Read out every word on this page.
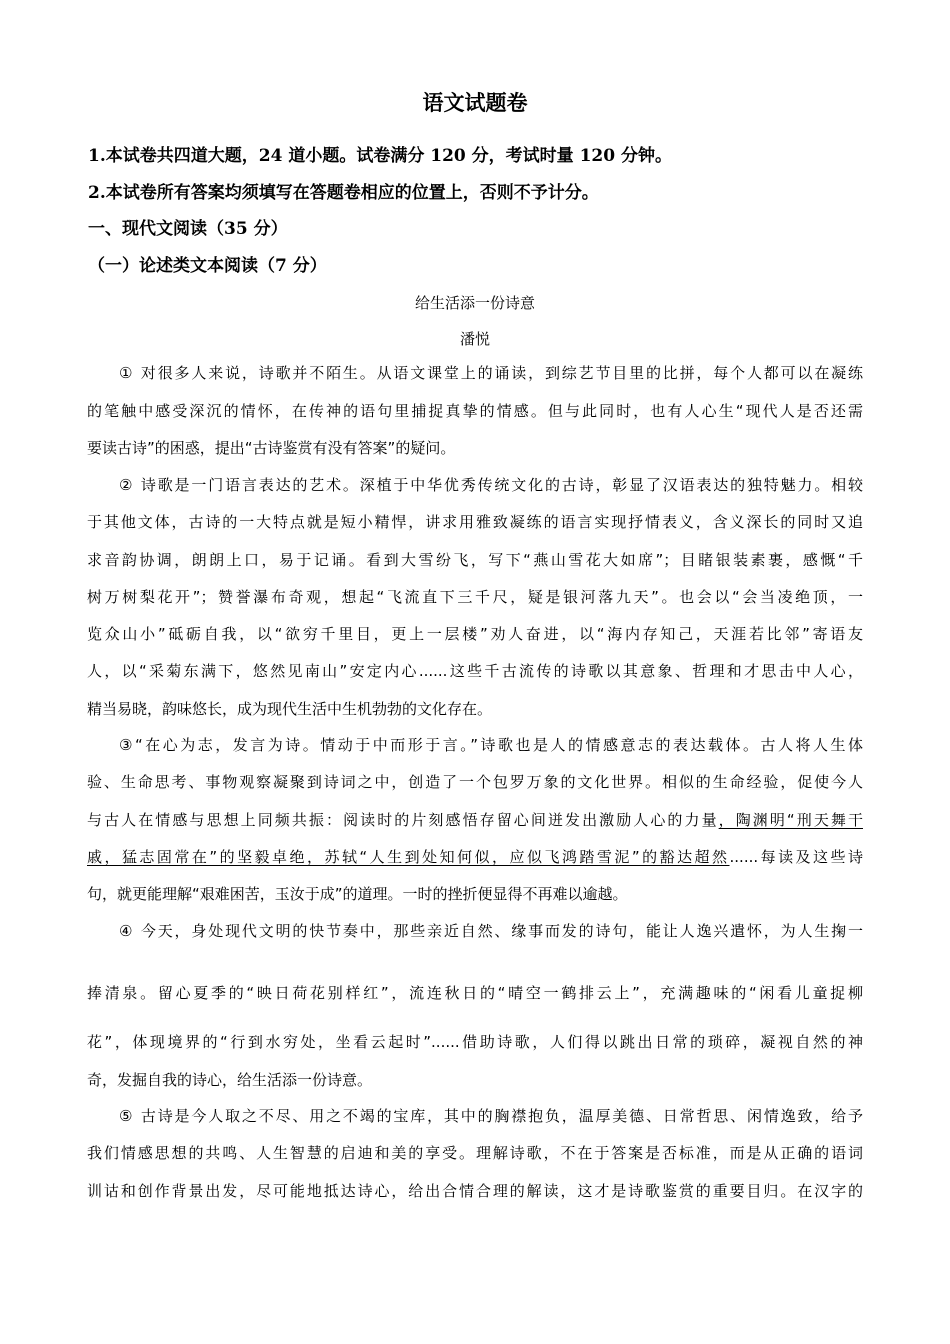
语文试题卷
1.本试卷共四道大题，24 道小题。试卷满分 120 分，考试时量 120 分钟。
2.本试卷所有答案均须填写在答题卷相应的位置上，否则不予计分。
一、现代文阅读（35 分）
（一）论述类文本阅读（7 分）
给生活添一份诗意
潘悦
① 对很多人来说，诗歌并不陌生。从语文课堂上的诵读，到综艺节目里的比拼，每个人都可以在凝练
的笔触中感受深沉的情怀，在传神的语句里捕捉真挚的情感。但与此同时，也有人心生“现代人是否还需
要读古诗”的困惑，提出“古诗鉴赏有没有答案”的疑问。
② 诗歌是一门语言表达的艺术。深植于中华优秀传统文化的古诗，彰显了汉语表达的独特魅力。相较
于其他文体，古诗的一大特点就是短小精悍，讲求用雅致凝练的语言实现抒情表义，含义深长的同时又追
求音韵协调，朗朗上口，易于记诵。看到大雪纷飞，写下“燕山雪花大如席”；目睹银装素裹，感慨“千
树万树梨花开”；赞誉瀑布奇观，想起“飞流直下三千尺，疑是银河落九天”。也会以“会当凌绝顶，一
览众山小”砥砺自我，以“欲穷千里目，更上一层楼”劝人奋进，以“海内存知己，天涯若比邻”寄语友
人，以“采菊东满下，悠然见南山”安定内心......这些千古流传的诗歌以其意象、哲理和才思击中人心，
精当易晓，韵味悠长，成为现代生活中生机勃勃的文化存在。
③“在心为志，发言为诗。情动于中而形于言。”诗歌也是人的情感意志的表达载体。古人将人生体
验、生命思考、事物观察凝聚到诗词之中，创造了一个包罗万象的文化世界。相似的生命经验，促使今人
与古人在情感与思想上同频共振：阅读时的片刻感悟存留心间迸发出激励人心的力量，陶渊明“刑天舞干
戚，猛志固常在”的坚毅卓绝，苏轼“人生到处知何似，应似飞鸿踏雪泥”的豁达超然......每读及这些诗
句，就更能理解“艰难困苦，玉汝于成”的道理。一时的挫折便显得不再难以逾越。
④ 今天，身处现代文明的快节奏中，那些亲近自然、缘事而发的诗句，能让人逸兴遣怀，为人生掬一
捧清泉。留心夏季的“映日荷花别样红”，流连秋日的“晴空一鹤排云上”，充满趣味的“闲看儿童捉柳
花”，体现境界的“行到水穷处，坐看云起时”......借助诗歌，人们得以跳出日常的琐碎，凝视自然的神
奇，发掘自我的诗心，给生活添一份诗意。
⑤ 古诗是今人取之不尽、用之不竭的宝库，其中的胸襟抱负，温厚美德、日常哲思、闲情逸致，给予
我们情感思想的共鸣、人生智慧的启迪和美的享受。理解诗歌，不在于答案是否标准，而是从正确的语词
训诂和创作背景出发，尽可能地抵达诗心，给出合情合理的解读，这才是诗歌鉴赏的重要目归。在汉字的
